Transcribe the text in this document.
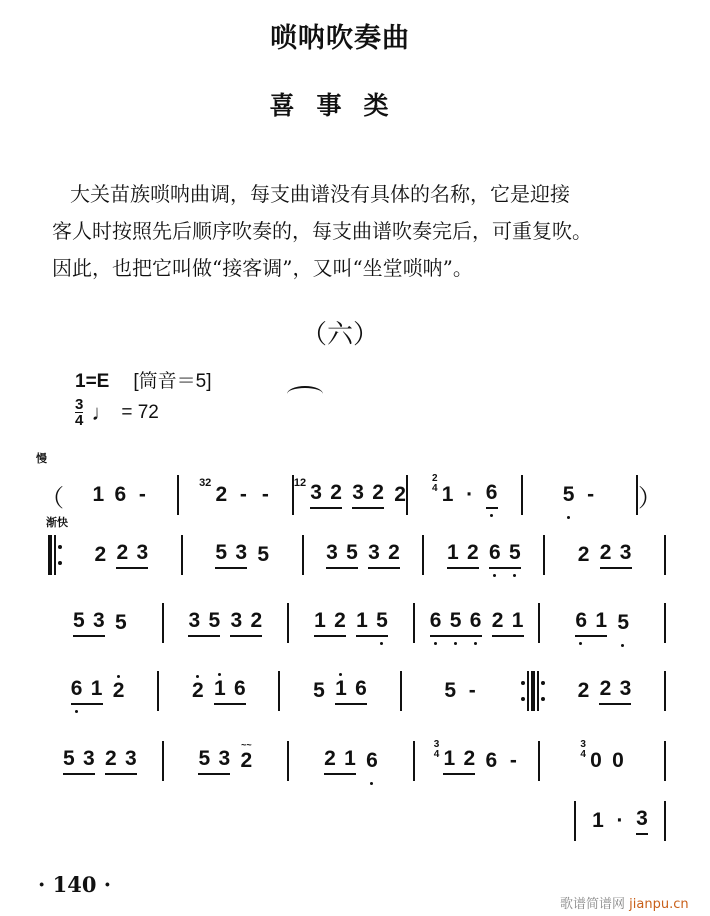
唢呐吹奏曲
喜事类

大关苗族唢呐曲调，每支曲谱没有具体的名称，它是迎接

客人时按照先后顺序吹奏的，每支曲谱吹奏完后，可重复吹。

因此，也把它叫做“接客调”，又叫“坐堂唢呐”。

（六）
1=E [筒音＝5]
$\frac{3}{4}$ ♩ = 72
慢
渐快
（ 1 6 -	32 2 - - 12 3 2 3 2 2
2
4 1 · 6	5 - ）
2 2 3	5 3 5	3 5 3 2 1 2 6 5	2 2 3
5 3 5	3 5 3 2 1 2 1 5 6 5 6 2 1 6 1 5
6 1 2	2 1 6	5 1 6	5 -	2 2 3
5 3 2 3	5 3 2
~~
2 1 6
3
4 1 2 6 -
3
4 0 0
1 · 3
· 140 ·
歌谱简谱网 jianpu.cn
